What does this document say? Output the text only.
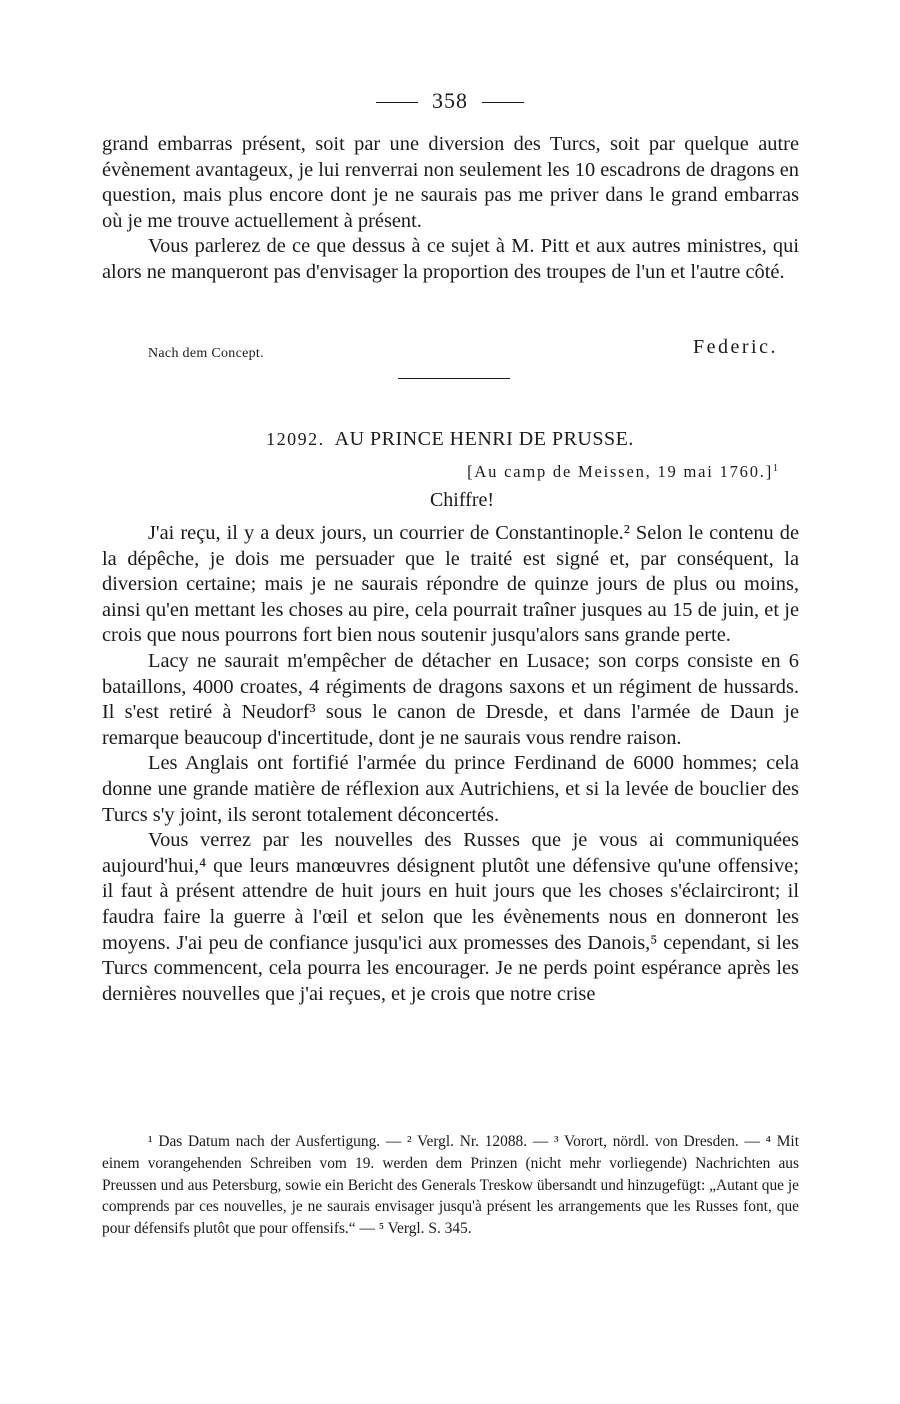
358

grand embarras présent, soit par une diversion des Turcs, soit par quelque autre évènement avantageux, je lui renverrai non seulement les 10 escadrons de dragons en question, mais plus encore dont je ne saurais pas me priver dans le grand embarras où je me trouve actuellement à présent.

Vous parlerez de ce que dessus à ce sujet à M. Pitt et aux autres ministres, qui alors ne manqueront pas d'envisager la proportion des troupes de l'un et l'autre côté.

Nach dem Concept.	Federic.
12092. AU PRINCE HENRI DE PRUSSE.
[Au camp de Meissen, 19 mai 1760.]$^1$
Chiffre!

J'ai reçu, il y a deux jours, un courrier de Constantinople.² Selon le contenu de la dépêche, je dois me persuader que le traité est signé et, par conséquent, la diversion certaine; mais je ne saurais répondre de quinze jours de plus ou moins, ainsi qu'en mettant les choses au pire, cela pourrait traîner jusques au 15 de juin, et je crois que nous pourrons fort bien nous soutenir jusqu'alors sans grande perte.

Lacy ne saurait m'empêcher de détacher en Lusace; son corps consiste en 6 bataillons, 4000 croates, 4 régiments de dragons saxons et un régiment de hussards. Il s'est retiré à Neudorf³ sous le canon de Dresde, et dans l'armée de Daun je remarque beaucoup d'incertitude, dont je ne saurais vous rendre raison.

Les Anglais ont fortifié l'armée du prince Ferdinand de 6000 hommes; cela donne une grande matière de réflexion aux Autrichiens, et si la levée de bouclier des Turcs s'y joint, ils seront totalement déconcertés.

Vous verrez par les nouvelles des Russes que je vous ai communiquées aujourd'hui,⁴ que leurs manœuvres désignent plutôt une défensive qu'une offensive; il faut à présent attendre de huit jours en huit jours que les choses s'éclairciront; il faudra faire la guerre à l'œil et selon que les évènements nous en donneront les moyens. J'ai peu de confiance jusqu'ici aux promesses des Danois,⁵ cependant, si les Turcs commencent, cela pourra les encourager. Je ne perds point espérance après les dernières nouvelles que j'ai reçues, et je crois que notre crise

¹ Das Datum nach der Ausfertigung. — ² Vergl. Nr. 12088. — ³ Vorort, nördl. von Dresden. — ⁴ Mit einem vorangehenden Schreiben vom 19. werden dem Prinzen (nicht mehr vorliegende) Nachrichten aus Preussen und aus Petersburg, sowie ein Bericht des Generals Treskow übersandt und hinzugefügt: „Autant que je comprends par ces nouvelles, je ne saurais envisager jusqu'à présent les arrangements que les Russes font, que pour défensifs plutôt que pour offensifs.“ — ⁵ Vergl. S. 345.
